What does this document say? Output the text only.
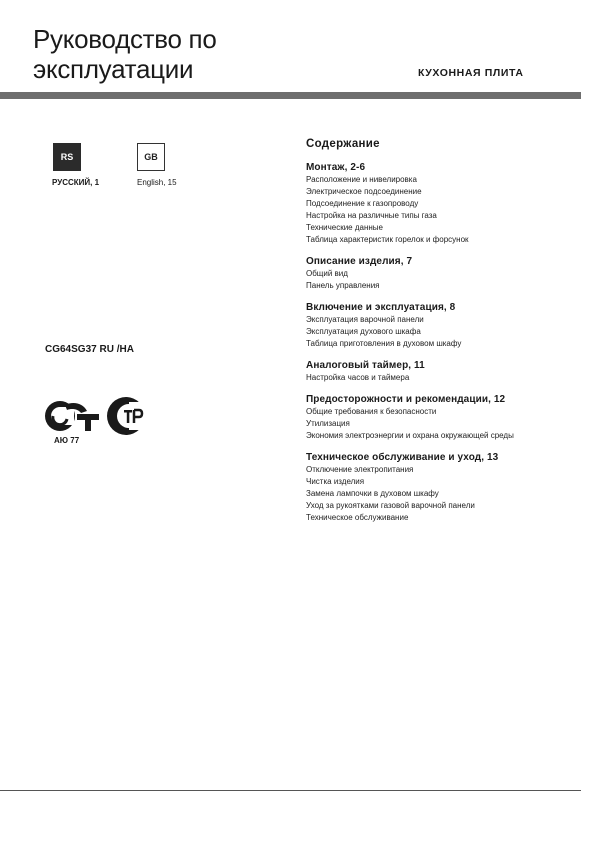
Руководство по
эксплуатации	КУХОННАЯ ПЛИТА
RS	GB
РУССКИЙ, 1	English, 15
CG64SG37 RU /HA
АЮ 77
Содержание
Монтаж, 2-6
Расположение и нивелировка
Электрическое подсоединение
Подсоединение к газопроводу
Настройка на различные типы газа
Технические данные
Таблица характеристик горелок и форсунок
Описание изделия, 7
Общий вид
Панель управления
Включение и эксплуатация, 8
Эксплуатация варочной панели
Эксплуатация духового шкафа
Таблица приготовления в духовом шкафу
Аналоговый таймер, 11
Настройка часов и таймера
Предосторожности и рекомендации, 12
Общие требования к безопасности
Утилизация
Экономия электроэнергии и охрана окружающей среды
Техническое обслуживание и уход, 13
Отключение электропитания
Чистка изделия
Замена лампочки в духовом шкафу
Уход за рукоятками газовой варочной панели
Техническое обслуживание
